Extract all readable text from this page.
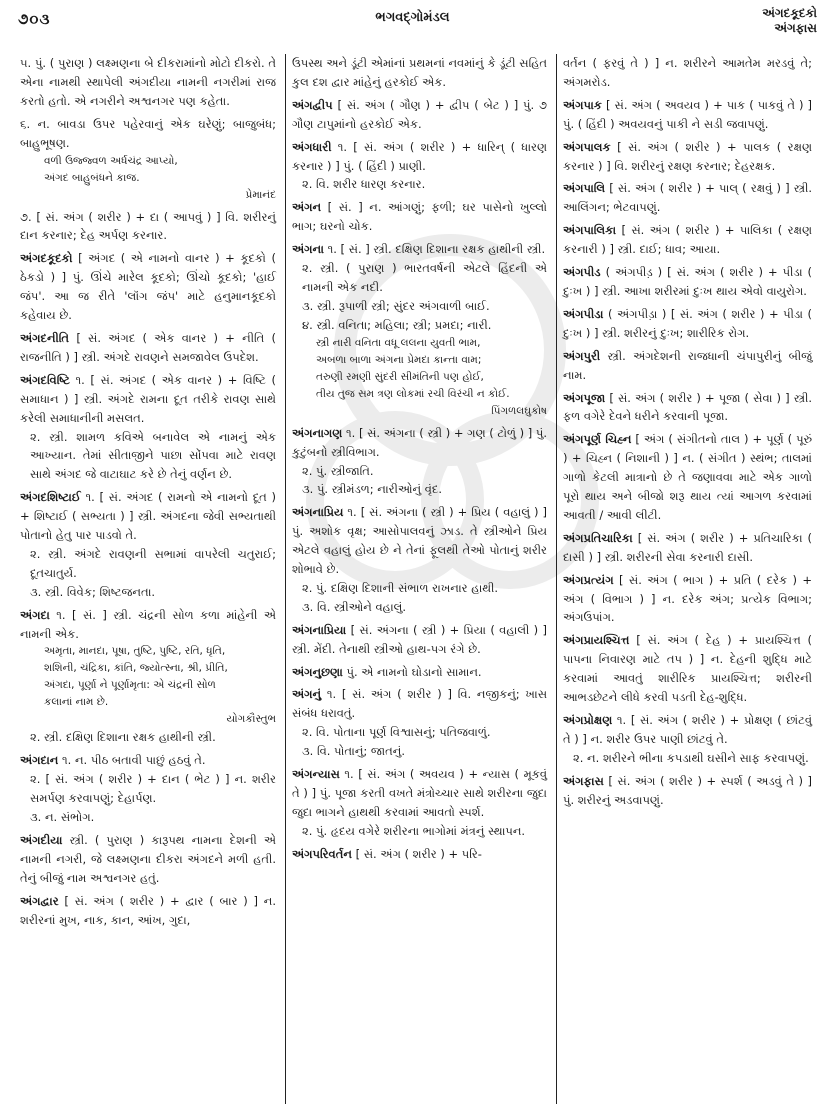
૭૦૩	ભગવદ્ગોમંડલ	અંગદકૂદકો
અંગફાસ
૫. પું. ( પુરાણ ) લક્ષ્મણના બે દીકરામાંનો મોટો દીકરો. તે એના નામથી સ્થાપેલી અંગદીયા નામની નગરીમાં રાજ કરતો હતો. એ નગરીને અશ્વનગર પણ કહેતા.
૬. ન. બાવડા ઉપર પહેરવાનું એક ઘરેણું; બાજુબંધ; બાહુભૂષણ.
વળી ઉજ્જ્વળ અર્ધચંદ્ર આપ્યો,
અંગદ બાહુબંધને કાજ.
પ્રેમાનંદ
૭. [ સં. અંગ ( શરીર ) + દા ( આપવું ) ] વિ. શરીરનું દાન કરનાર; દેહ અર્પણ કરનાર.
અંગદકૂદકો [ અંગદ ( એ નામનો વાનર ) + કૂદકો ( ઠેકડો ) ] પું. ઊંચે મારેલ કૂદકો; ઊંચો કૂદકો; 'હાઈ જંપ'. આ જ રીતે 'લૉંગ જંપ' માટે હનુમાનકૂદકો કહેવાય છે.
અંગદનીતિ [ સં. અંગદ ( એક વાનર ) + નીતિ ( રાજનીતિ ) ] સ્ત્રી. અંગદે રાવણને સમજાવેલ ઉપદેશ.
અંગદવિષ્ટિ ૧. [ સં. અંગદ ( એક વાનર ) + વિષ્ટિ ( સમાધાન ) ] સ્ત્રી. અંગદે રામના દૂત તરીકે રાવણ સાથે કરેલી સમાધાનીની મસલત.
૨. સ્ત્રી. શામળ કવિએ બનાવેલ એ નામનું એક આખ્યાન. તેમાં સીતાજીને પાછા સોંપવા માટે રાવણ સાથે અંગદ જે વાટાઘાટ કરે છે તેનું વર્ણન છે.
અંગદશિષ્ટાઈ ૧. [ સં. અંગદ ( રામનો એ નામનો દૂત ) + શિષ્ટાઈ ( સભ્યતા ) ] સ્ત્રી. અંગદના જેવી સભ્યતાથી પોતાનો હેતુ પાર પાડવો તે.
૨. સ્ત્રી. અંગદે રાવણની સભામાં વાપરેલી ચતુરાઈ; દૂતચાતુર્ય.
૩. સ્ત્રી. વિવેક; શિષ્ટજનતા.
અંગદા ૧. [ સં. ] સ્ત્રી. ચંદ્રની સોળ કળા માંહેની એ નામની એક.
અમૃતા, માનદા, પૂષા, તુષ્ટિ, પુષ્ટિ, રતિ, ધૃતિ,
શશિની, ચંદ્રિકા, કાંતિ, જ્યોત્સ્ના, શ્રી, પ્રીતિ,
અંગદા, પૂર્ણા ને પૂર્ણામૃતા: એ ચંદ્રની સોળ
કલાનાં નામ છે.
યોગકૌસ્તુભ
૨. સ્ત્રી. દક્ષિણ દિશાના રક્ષક હાથીની સ્ત્રી.
અંગદાન ૧. ન. પીઠ બતાવી પાછું હઠવું તે.
૨. [ સં. અંગ ( શરીર ) + દાન ( ભેટ ) ] ન. શરીર સમર્પણ કરવાપણું; દેહાર્પણ.
૩. ન. સંભોગ.
અંગદીયા સ્ત્રી. ( પુરાણ ) કારૂપથ નામના દેશની એ નામની નગરી, જે લક્ષ્મણના દીકરા અંગદને મળી હતી. તેનું બીજું નામ અશ્વનગર હતું.
અંગદ્વાર [ સં. અંગ ( શરીર ) + દ્વાર ( બાર ) ] ન. શરીરનાં મુખ, નાક, કાન, આંખ, ગુદા,
ઉપસ્થ અને ડૂંટી એમાંનાં પ્રથમનાં નવમાંનું કે ડૂંટી સહિત કુલ દશ દ્વાર માંહેનું હરકોઈ એક.
અંગદ્વીપ [ સં. અંગ ( ગૌણ ) + દ્વીપ ( બેટ ) ] પું. ૭ ગૌણ ટાપુમાંનો હરકોઈ એક.
અંગધારી ૧. [ સં. અંગ ( શરીર ) + ધારિન્ ( ધારણ કરનાર ) ] પું. ( હિંદી ) પ્રાણી.
૨. વિ. શરીર ધારણ કરનાર.
અંગન [ સં. ] ન. આંગણું; ફળી; ઘર પાસેનો ખુલ્લો ભાગ; ઘરનો ચોક.
અંગના ૧. [ સં. ] સ્ત્રી. દક્ષિણ દિશાના રક્ષક હાથીની સ્ત્રી.
૨. સ્ત્રી. ( પુરાણ ) ભારતવર્ષની એટલે હિંદની એ નામની એક નદી.
૩. સ્ત્રી. રૂપાળી સ્ત્રી; સુંદર અંગવાળી બાઈ.
૪. સ્ત્રી. વનિતા; મહિલા; સ્ત્રી; પ્રમદા; નારી.
સ્ત્રી નારી વનિતા વધૂ લલના યુવતી ભામ,
અબળા બાળા અંગના પ્રેમદા કાન્તા વામ;
તરુણી રમણી સુંદરી સીમંતિની પણ હોઈ,
તીય તુજ સમ ત્રણ લોકમાં રચી વિરંચી ન કોઈ.
પિંગળલઘુકોષ
અંગનાગણ ૧. [ સં. અંગના ( સ્ત્રી ) + ગણ ( ટોળું ) ] પું. કુટુંબનો સ્ત્રીવિભાગ.
૨. પું. સ્ત્રીજાતિ.
૩. પું. સ્ત્રીમંડળ; નારીઓનું વૃંદ.
અંગનાપ્રિય ૧. [ સં. અંગના ( સ્ત્રી ) + પ્રિય ( વહાલું ) ] પું. અશોક વૃક્ષ; આસોપાલવનું ઝાડ. તે સ્ત્રીઓને પ્રિય એટલે વહાલું હોય છે ને તેનાં ફૂલથી તેઓ પોતાનું શરીર શોભાવે છે.
૨. પું. દક્ષિણ દિશાની સંભાળ રાખનાર હાથી.
૩. વિ. સ્ત્રીઓને વહાલું.
અંગનાપ્રિયા [ સં. અંગના ( સ્ત્રી ) + પ્રિયા ( વહાલી ) ] સ્ત્રી. મેંદી. તેનાથી સ્ત્રીઓ હાથ-પગ રંગે છે.
અંગનુછણા પું. એ નામનો ઘોડાનો સામાન.
અંગનું ૧. [ સં. અંગ ( શરીર ) ] વિ. નજીકનું; ખાસ સંબંધ ધરાવતું.
૨. વિ. પોતાના પૂર્ણ વિશ્વાસનું; પતિજવાળું.
૩. વિ. પોતાનું; જાતનું.
અંગન્યાસ ૧. [ સં. અંગ ( અવયવ ) + ન્યાસ ( મૂકવું તે ) ] પું. પૂજા કરતી વખતે મંત્રોચ્ચાર સાથે શરીરના જુદા જુદા ભાગને હાથથી કરવામાં આવતો સ્પર્શ.
૨. પું. હૃદય વગેરે શરીરના ભાગોમાં મંત્રનું સ્થાપન.
અંગપરિવર્તન [ સં. અંગ ( શરીર ) + પરિ-
વર્તન ( ફરવું તે ) ] ન. શરીરને આમતેમ મરડવું તે; અંગમરોડ.
અંગપાક [ સં. અંગ ( અવયવ ) + પાક ( પાકવું તે ) ] પું. ( હિંદી ) અવયવનું પાકી ને સડી જવાપણું.
અંગપાલક [ સં. અંગ ( શરીર ) + પાલક ( રક્ષણ કરનાર ) ] વિ. શરીરનું રક્ષણ કરનાર; દેહરક્ષક.
અંગપાલિ [ સં. અંગ ( શરીર ) + પાલ્ ( રક્ષવું ) ] સ્ત્રી. આલિંગન; ભેટવાપણું.
અંગપાલિકા [ સં. અંગ ( શરીર ) + પાલિકા ( રક્ષણ કરનારી ) ] સ્ત્રી. દાઈ; ધાવ; આયા.
અંગપીડ ( અંગપીડ઼ ) [ સં. અંગ ( શરીર ) + પીડા ( દુઃખ ) ] સ્ત્રી. આખા શરીરમાં દુઃખ થાય એવો વાયુરોગ.
અંગપીડા ( અંગપીડ઼ા ) [ સં. અંગ ( શરીર ) + પીડા ( દુઃખ ) ] સ્ત્રી. શરીરનું દુઃખ; શારીરિક રોગ.
અંગપુરી સ્ત્રી. અંગદેશની રાજધાની ચંપાપુરીનું બીજું નામ.
અંગપૂજા [ સં. અંગ ( શરીર ) + પૂજા ( સેવા ) ] સ્ત્રી. ફળ વગેરે દેવને ધરીને કરવાની પૂજા.
અંગપૂર્ણ ચિહ્ન [ અંગ ( સંગીતનો તાલ ) + પૂર્ણ ( પૂરું ) + ચિહ્ન ( નિશાની ) ] ન. ( સંગીત ) સ્થંભ; તાલમાં ગાળો કેટલી માત્રાનો છે તે જણાવવા માટે એક ગાળો પૂરો થાય અને બીજો શરૂ થાય ત્યાં આગળ કરવામાં આવતી / આવી લીટી.
અંગપ્રતિચારિકા [ સં. અંગ ( શરીર ) + પ્રતિચારિકા ( દાસી ) ] સ્ત્રી. શરીરની સેવા કરનારી દાસી.
અંગપ્રત્યંગ [ સં. અંગ ( ભાગ ) + પ્રતિ ( દરેક ) + અંગ ( વિભાગ ) ] ન. દરેક અંગ; પ્રત્યેક વિભાગ; અંગઉપાંગ.
અંગપ્રાયશ્ચિત્ત [ સં. અંગ ( દેહ ) + પ્રાયશ્ચિત્ત ( પાપના નિવારણ માટે તપ ) ] ન. દેહની શુદ્ધિ માટે કરવામાં આવતું શારીરિક પ્રાયશ્ચિત્ત; શરીરની આભડછેટને લીધે કરવી પડતી દેહ-શુદ્ધિ.
અંગપ્રોક્ષણ ૧. [ સં. અંગ ( શરીર ) + પ્રોક્ષણ ( છાંટવું તે ) ] ન. શરીર ઉપર પાણી છાંટવું તે.
૨. ન. શરીરને ભીના કપડાથી ઘસીને સાફ કરવાપણું.
અંગફાસ [ સં. અંગ ( શરીર ) + સ્પર્શ ( અડવું તે ) ] પું. શરીરનું અડવાપણું.
